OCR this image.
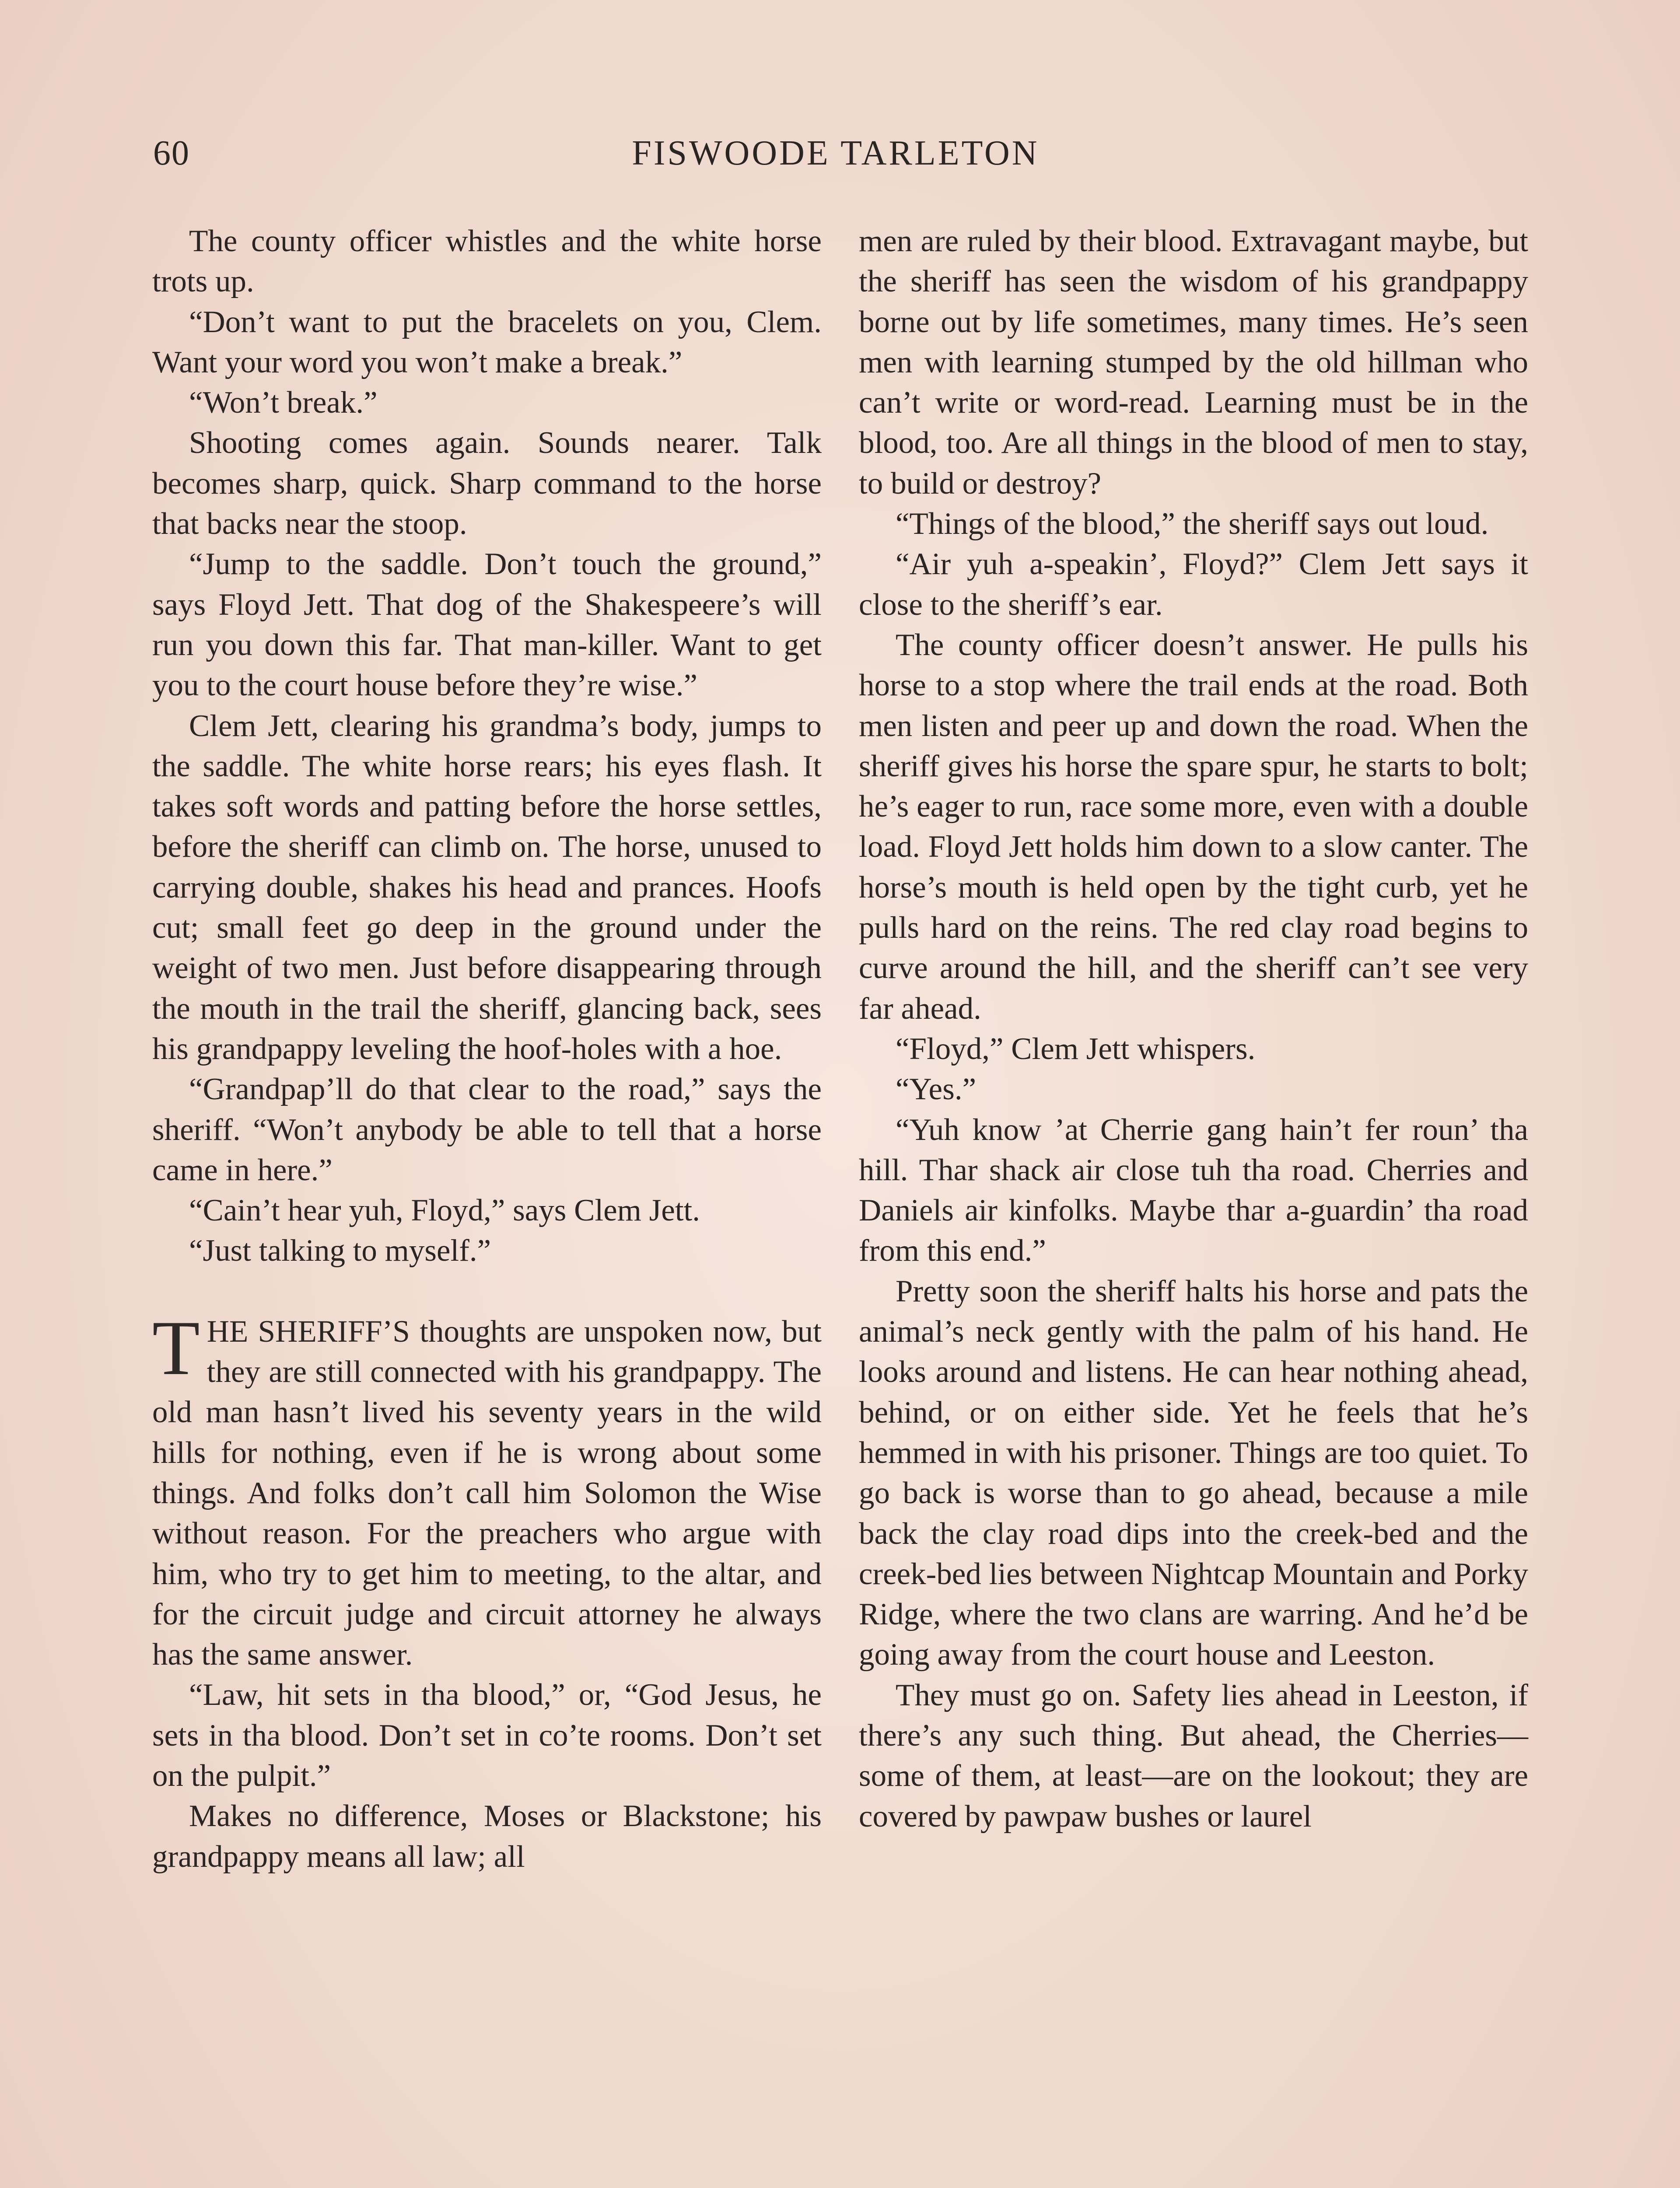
60	FISWOODE TARLETON

The county officer whistles and the white horse trots up.

“Don’t want to put the bracelets on you, Clem. Want your word you won’t make a break.”

“Won’t break.”

Shooting comes again. Sounds nearer. Talk becomes sharp, quick. Sharp command to the horse that backs near the stoop.

“Jump to the saddle. Don’t touch the ground,” says Floyd Jett. That dog of the Shakespeere’s will run you down this far. That man-killer. Want to get you to the court house before they’re wise.”

Clem Jett, clearing his grandma’s body, jumps to the saddle. The white horse rears; his eyes flash. It takes soft words and patting before the horse settles, before the sheriff can climb on. The horse, unused to carrying double, shakes his head and prances. Hoofs cut; small feet go deep in the ground under the weight of two men. Just before disappearing through the mouth in the trail the sheriff, glancing back, sees his grandpappy leveling the hoof-holes with a hoe.

“Grandpap’ll do that clear to the road,” says the sheriff. “Won’t anybody be able to tell that a horse came in here.”

“Cain’t hear yuh, Floyd,” says Clem Jett.

“Just talking to myself.”

THE SHERIFF’S thoughts are unspoken now, but they are still connected with his grandpappy. The old man hasn’t lived his seventy years in the wild hills for nothing, even if he is wrong about some things. And folks don’t call him Solomon the Wise without reason. For the preachers who argue with him, who try to get him to meeting, to the altar, and for the circuit judge and circuit attorney he always has the same answer.

“Law, hit sets in tha blood,” or, “God Jesus, he sets in tha blood. Don’t set in co’te rooms. Don’t set on the pulpit.”

Makes no difference, Moses or Blackstone; his grandpappy means all law; all

men are ruled by their blood. Extravagant maybe, but the sheriff has seen the wisdom of his grandpappy borne out by life sometimes, many times. He’s seen men with learning stumped by the old hillman who can’t write or word-read. Learning must be in the blood, too. Are all things in the blood of men to stay, to build or destroy?

“Things of the blood,” the sheriff says out loud.

“Air yuh a-speakin’, Floyd?” Clem Jett says it close to the sheriff’s ear.

The county officer doesn’t answer. He pulls his horse to a stop where the trail ends at the road. Both men listen and peer up and down the road. When the sheriff gives his horse the spare spur, he starts to bolt; he’s eager to run, race some more, even with a double load. Floyd Jett holds him down to a slow canter. The horse’s mouth is held open by the tight curb, yet he pulls hard on the reins. The red clay road begins to curve around the hill, and the sheriff can’t see very far ahead.

“Floyd,” Clem Jett whispers.

“Yes.”

“Yuh know ’at Cherrie gang hain’t fer roun’ tha hill. Thar shack air close tuh tha road. Cherries and Daniels air kinfolks. Maybe thar a-guardin’ tha road from this end.”

Pretty soon the sheriff halts his horse and pats the animal’s neck gently with the palm of his hand. He looks around and listens. He can hear nothing ahead, behind, or on either side. Yet he feels that he’s hemmed in with his prisoner. Things are too quiet. To go back is worse than to go ahead, because a mile back the clay road dips into the creek-bed and the creek-bed lies between Nightcap Mountain and Porky Ridge, where the two clans are warring. And he’d be going away from the court house and Leeston.

They must go on. Safety lies ahead in Leeston, if there’s any such thing. But ahead, the Cherries—some of them, at least—are on the lookout; they are covered by pawpaw bushes or laurel
